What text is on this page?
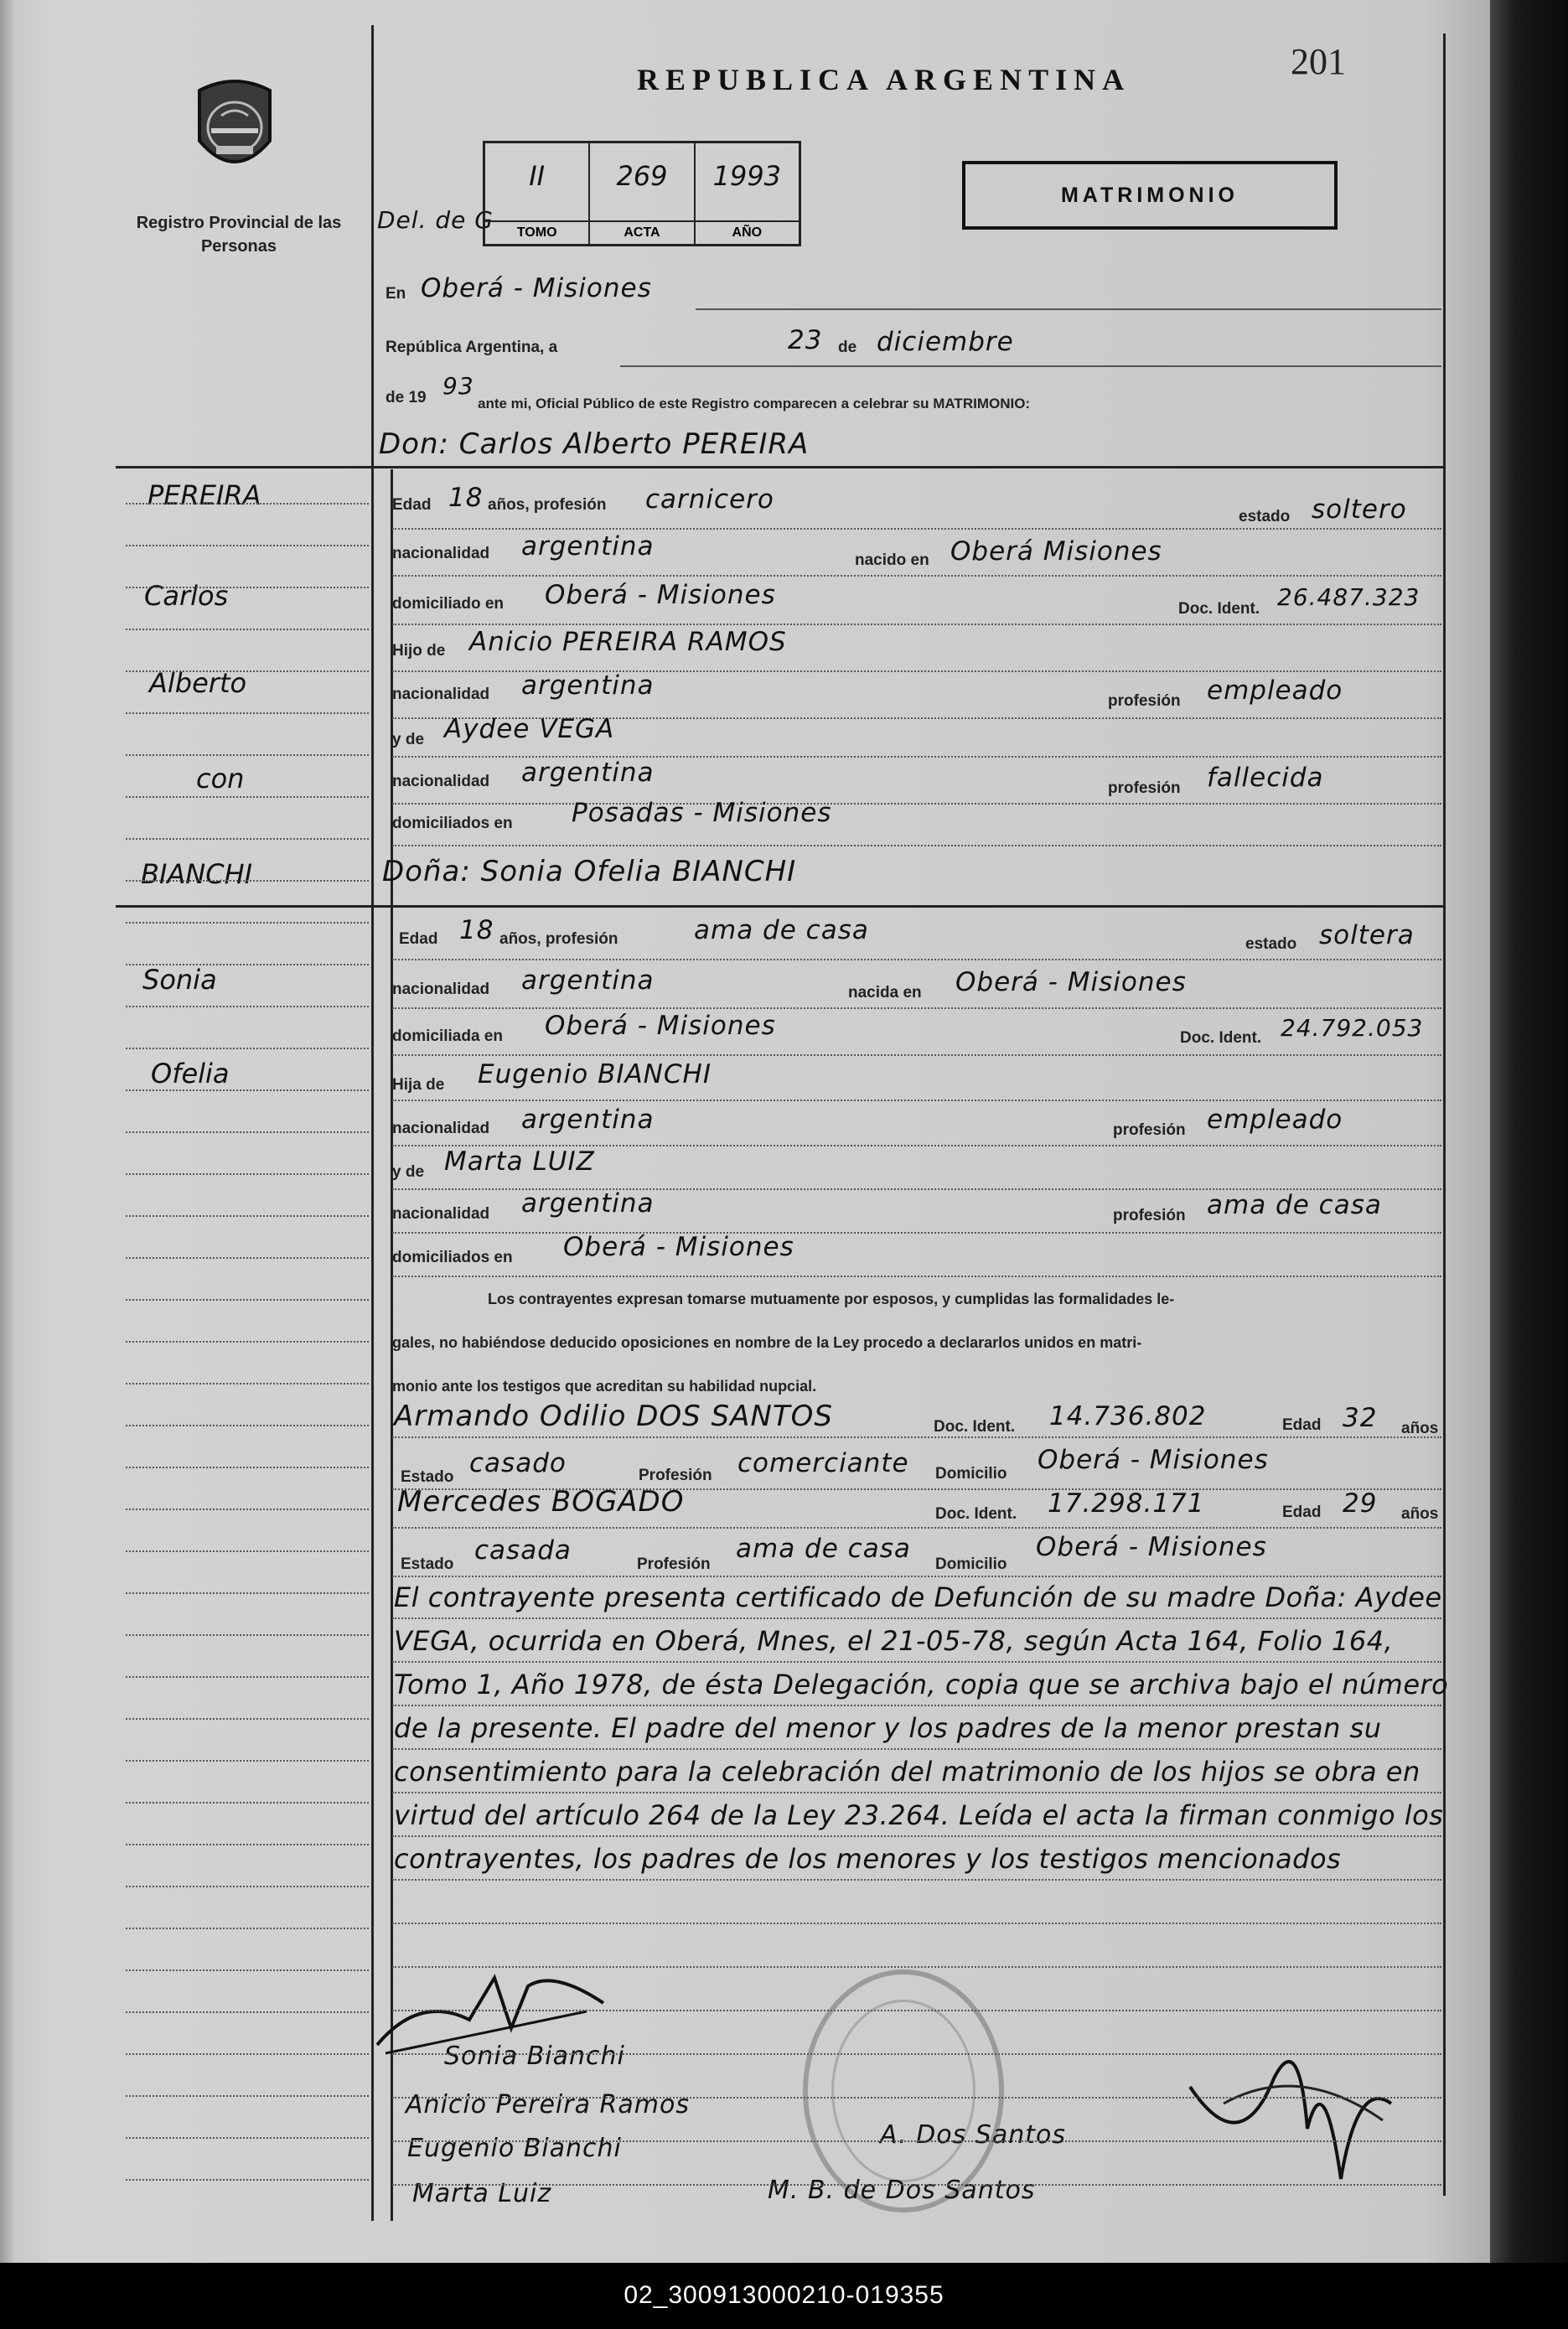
REPUBLICA ARGENTINA	201
Registro Provincial de las Personas
Del. de G
II
TOMO
269
ACTA
1993
AÑO
MATRIMONIO
En Oberá - Misiones
República Argentina, a	23 de diciembre
de 19 93
ante mi, Oficial Público de este Registro comparecen a celebrar su MATRIMONIO:
Don: Carlos Alberto PEREIRA
Edad 18 años, profesión carnicero
estado soltero
nacionalidad argentina	nacido en Oberá Misiones
domiciliado en Oberá - Misiones	Doc. Ident. 26.487.323
Hijo de Anicio PEREIRA RAMOS
nacionalidad argentina
profesión empleado
y de Aydee VEGA
nacionalidad argentina
profesión fallecida
domiciliados en Posadas - Misiones
Doña: Sonia Ofelia BIANCHI
Edad 18 años, profesión	ama de casa	estado soltera
nacionalidad argentina	nacida en Oberá - Misiones
domiciliada en Oberá - Misiones	Doc. Ident. 24.792.053
Hija de Eugenio BIANCHI
nacionalidad argentina	profesión empleado
y de Marta LUIZ
nacionalidad argentina	profesión ama de casa
domiciliados en Oberá - Misiones
PEREIRA
Carlos
Alberto
con
BIANCHI
Sonia
Ofelia
Los contrayentes expresan tomarse mutuamente por esposos, y cumplidas las formalidades le-
gales, no habiéndose deducido oposiciones en nombre de la Ley procedo a declararlos unidos en matri-
monio ante los testigos que acreditan su habilidad nupcial.
Armando Odilio DOS SANTOS	Doc. Ident. 14.736.802	Edad 32 años
Estado casado	Profesión comerciante Domicilio Oberá - Misiones
Mercedes BOGADO	Doc. Ident. 17.298.171	Edad 29 años
Estado casada	Profesión
ama de casa
Domicilio
Oberá - Misiones
El contrayente presenta certificado de Defunción de su madre Doña: Aydee VEGA, ocurrida en Oberá, Mnes, el 21-05-78, según Acta 164, Folio 164, Tomo 1, Año 1978, de ésta Delegación, copia que se archiva bajo el número de la presente. El padre del menor y los padres de la menor prestan su consentimiento para la celebración del matrimonio de los hijos se obra en virtud del artículo 264 de la Ley 23.264. Leída el acta la firman conmigo los contrayentes, los padres de los menores y los testigos mencionados
Sonia Bianchi
Anicio Pereira Ramos
Eugenio Bianchi
Marta Luiz
A. Dos Santos
M. B. de Dos Santos
02_300913000210-019355
